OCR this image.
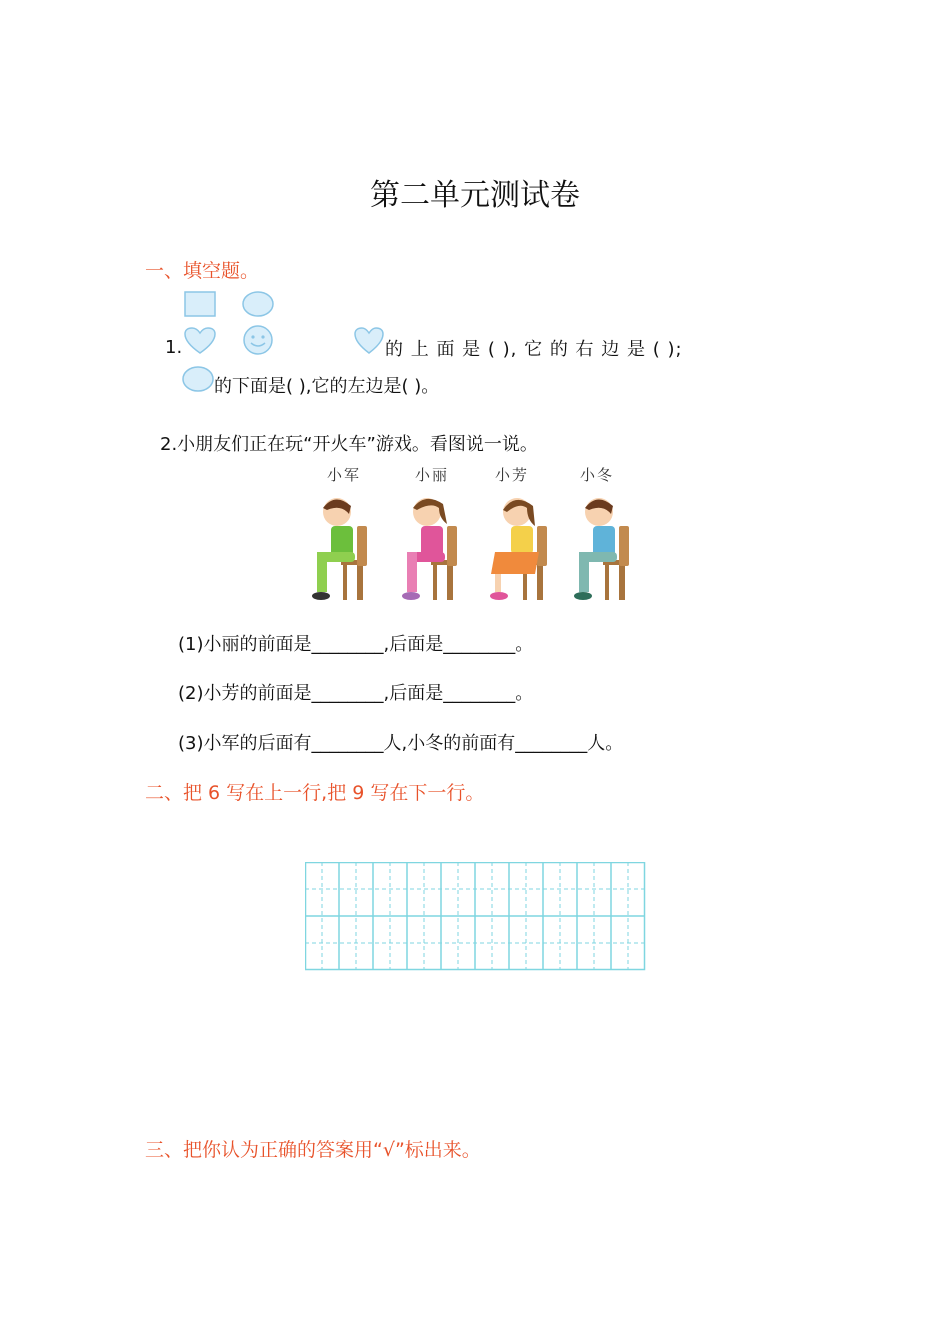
第二单元测试卷
一、填空题。
1.	的 上 面 是 ( ), 它 的 右 边 是 ( );
的下面是( ),它的左边是( )。
2.小朋友们正在玩“开火车”游戏。看图说一说。
小军	小丽	小芳	小冬
(1)小丽的前面是________,后面是________。
(2)小芳的前面是________,后面是________。
(3)小军的后面有________人,小冬的前面有________人。
二、把 6 写在上一行,把 9 写在下一行。
三、把你认为正确的答案用“√”标出来。
